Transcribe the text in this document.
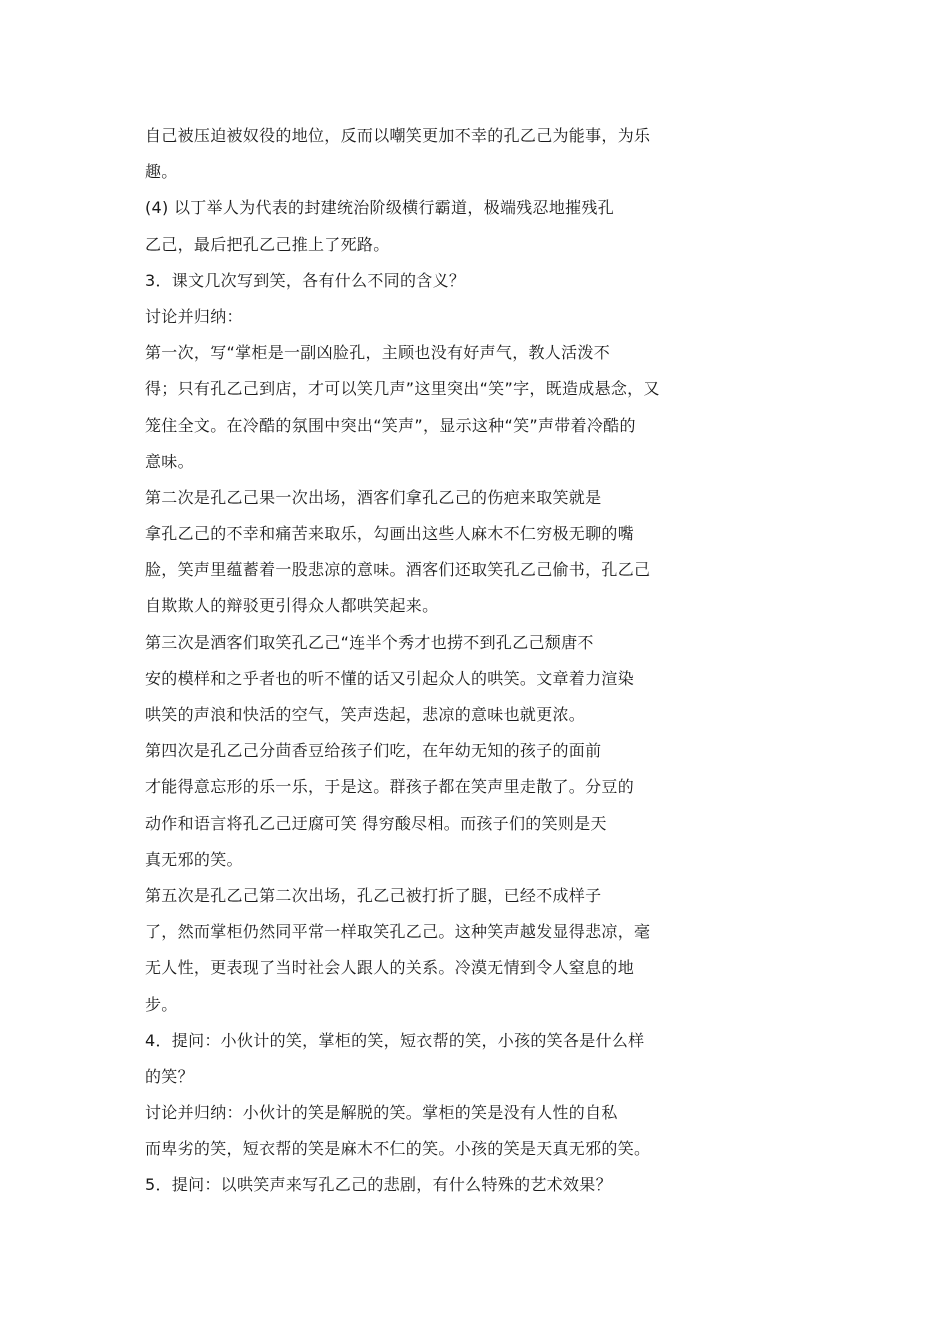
自己被压迫被奴役的地位，反而以嘲笑更加不幸的孔乙己为能事，为乐
趣。
(4) 以丁举人为代表的封建统治阶级横行霸道，极端残忍地摧残孔
乙己，最后把孔乙己推上了死路。
3．课文几次写到笑，各有什么不同的含义？
讨论并归纳：
第一次，写“掌柜是一副凶脸孔，主顾也没有好声气，教人活泼不
得；只有孔乙己到店，才可以笑几声”这里突出“笑”字，既造成悬念，又
笼住全文。在冷酷的氛围中突出“笑声”，显示这种“笑”声带着冷酷的
意味。
第二次是孔乙己果一次出场，酒客们拿孔乙己的伤疤来取笑就是
拿孔乙己的不幸和痛苦来取乐，勾画出这些人麻木不仁穷极无聊的嘴
脸，笑声里蕴蓄着一股悲凉的意味。酒客们还取笑孔乙己偷书，孔乙己
自欺欺人的辩驳更引得众人都哄笑起来。
第三次是酒客们取笑孔乙己“连半个秀才也捞不到孔乙己颓唐不
安的模样和之乎者也的听不懂的话又引起众人的哄笑。文章着力渲染
哄笑的声浪和快活的空气，笑声迭起，悲凉的意味也就更浓。
第四次是孔乙己分茴香豆给孩子们吃，在年幼无知的孩子的面前
才能得意忘形的乐一乐，于是这。群孩子都在笑声里走散了。分豆的
动作和语言将孔乙己迂腐可笑 得穷酸尽相。而孩子们的笑则是天
真无邪的笑。
第五次是孔乙己第二次出场，孔乙己被打折了腿，已经不成样子
了，然而掌柜仍然同平常一样取笑孔乙己。这种笑声越发显得悲凉，毫
无人性，更表现了当时社会人跟人的关系。冷漠无情到令人窒息的地
步。
4．提问：小伙计的笑，掌柜的笑，短衣帮的笑，小孩的笑各是什么样
的笑？
讨论并归纳：小伙计的笑是解脱的笑。掌柜的笑是没有人性的自私
而卑劣的笑，短衣帮的笑是麻木不仁的笑。小孩的笑是天真无邪的笑。
5．提问：以哄笑声来写孔乙己的悲剧，有什么特殊的艺术效果？
